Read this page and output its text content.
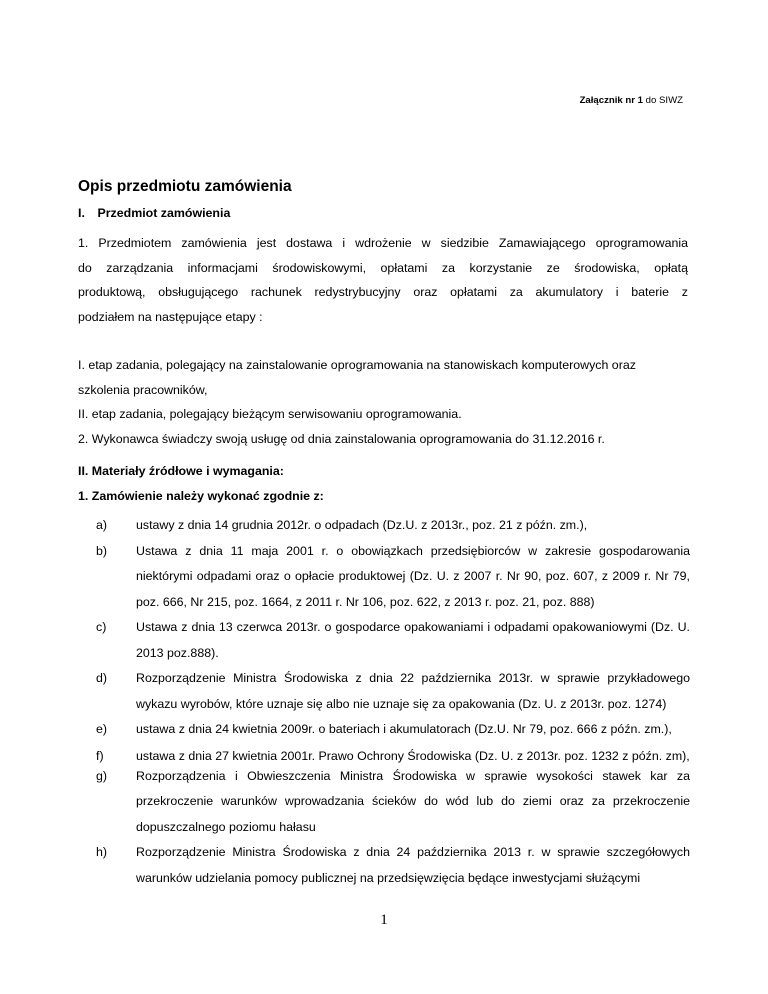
Załącznik nr 1 do SIWZ
Opis przedmiotu zamówienia
I. Przedmiot zamówienia
1. Przedmiotem zamówienia jest dostawa i wdrożenie w siedzibie Zamawiającego oprogramowania
do zarządzania informacjami środowiskowymi, opłatami za korzystanie ze środowiska, opłatą
produktową, obsługującego rachunek redystrybucyjny oraz opłatami za akumulatory i baterie z
podziałem na następujące etapy :
I. etap zadania, polegający na zainstalowanie oprogramowania na stanowiskach komputerowych oraz
szkolenia pracowników,
II. etap zadania, polegający bieżącym serwisowaniu oprogramowania.
2. Wykonawca świadczy swoją usługę od dnia zainstalowania oprogramowania do 31.12.2016 r.
II. Materiały źródłowe i wymagania:
1. Zamówienie należy wykonać zgodnie z:
a)	ustawy z dnia 14 grudnia 2012r. o odpadach (Dz.U. z 2013r., poz. 21 z późn. zm.),
b)	Ustawa z dnia 11 maja 2001 r. o obowiązkach przedsiębiorców w zakresie gospodarowania niektórymi odpadami oraz o opłacie produktowej (Dz. U. z 2007 r. Nr 90, poz. 607, z 2009 r. Nr 79, poz. 666, Nr 215, poz. 1664, z 2011 r. Nr 106, poz. 622, z 2013 r. poz. 21, poz. 888)
c)	Ustawa z dnia 13 czerwca 2013r. o gospodarce opakowaniami i odpadami opakowaniowymi (Dz. U. 2013 poz.888).
d)	Rozporządzenie Ministra Środowiska z dnia 22 października 2013r. w sprawie przykładowego wykazu wyrobów, które uznaje się albo nie uznaje się za opakowania (Dz. U. z 2013r. poz. 1274)
e)	ustawa z dnia 24 kwietnia 2009r. o bateriach i akumulatorach (Dz.U. Nr 79, poz. 666 z późn. zm.),
f)	ustawa z dnia 27 kwietnia 2001r. Prawo Ochrony Środowiska (Dz. U. z 2013r. poz. 1232 z późn. zm),
g)	Rozporządzenia i Obwieszczenia Ministra Środowiska w sprawie wysokości stawek kar za przekroczenie warunków wprowadzania ścieków do wód lub do ziemi oraz za przekroczenie dopuszczalnego poziomu hałasu
h)	Rozporządzenie Ministra Środowiska z dnia 24 października 2013 r. w sprawie szczegółowych warunków udzielania pomocy publicznej na przedsięwzięcia będące inwestycjami służącymi
1
